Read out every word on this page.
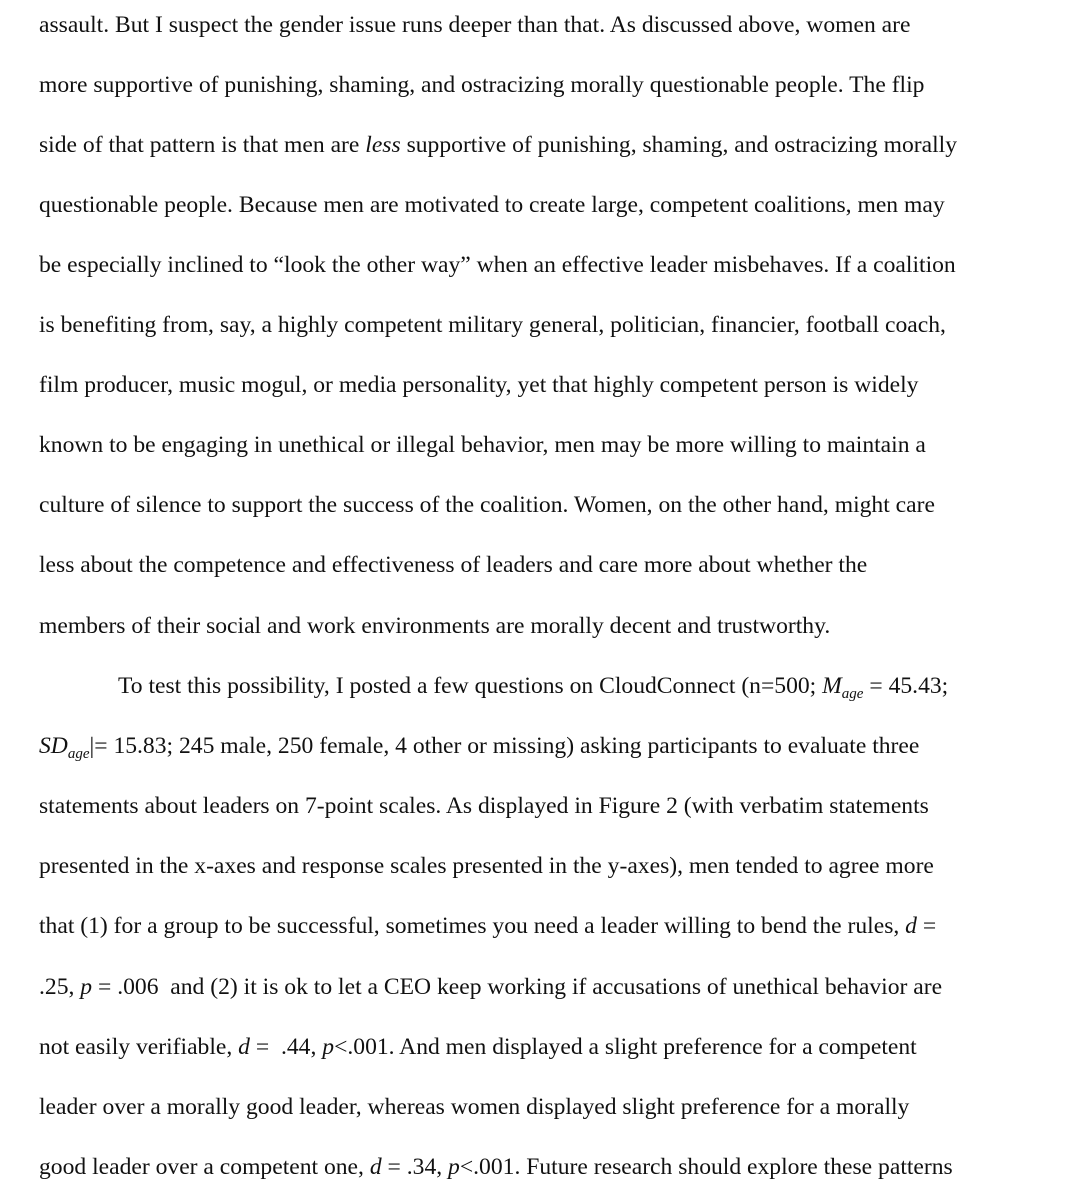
assault. But I suspect the gender issue runs deeper than that. As discussed above, women are
more supportive of punishing, shaming, and ostracizing morally questionable people. The flip
side of that pattern is that men are less supportive of punishing, shaming, and ostracizing morally
questionable people. Because men are motivated to create large, competent coalitions, men may
be especially inclined to “look the other way” when an effective leader misbehaves. If a coalition
is benefiting from, say, a highly competent military general, politician, financier, football coach,
film producer, music mogul, or media personality, yet that highly competent person is widely
known to be engaging in unethical or illegal behavior, men may be more willing to maintain a
culture of silence to support the success of the coalition. Women, on the other hand, might care
less about the competence and effectiveness of leaders and care more about whether the
members of their social and work environments are morally decent and trustworthy.
To test this possibility, I posted a few questions on CloudConnect (n=500; $M_{age} = 45.43$;
$SD_{age}|= 15.83$; 245 male, 250 female, 4 other or missing) asking participants to evaluate three
statements about leaders on 7-point scales. As displayed in Figure 2 (with verbatim statements
presented in the x-axes and response scales presented in the y-axes), men tended to agree more
that (1) for a group to be successful, sometimes you need a leader willing to bend the rules, d =
.25, p = .006  and (2) it is ok to let a CEO keep working if accusations of unethical behavior are
not easily verifiable, d =  .44, p<.001. And men displayed a slight preference for a competent
leader over a morally good leader, whereas women displayed slight preference for a morally
good leader over a competent one, d = .34, p<.001. Future research should explore these patterns
